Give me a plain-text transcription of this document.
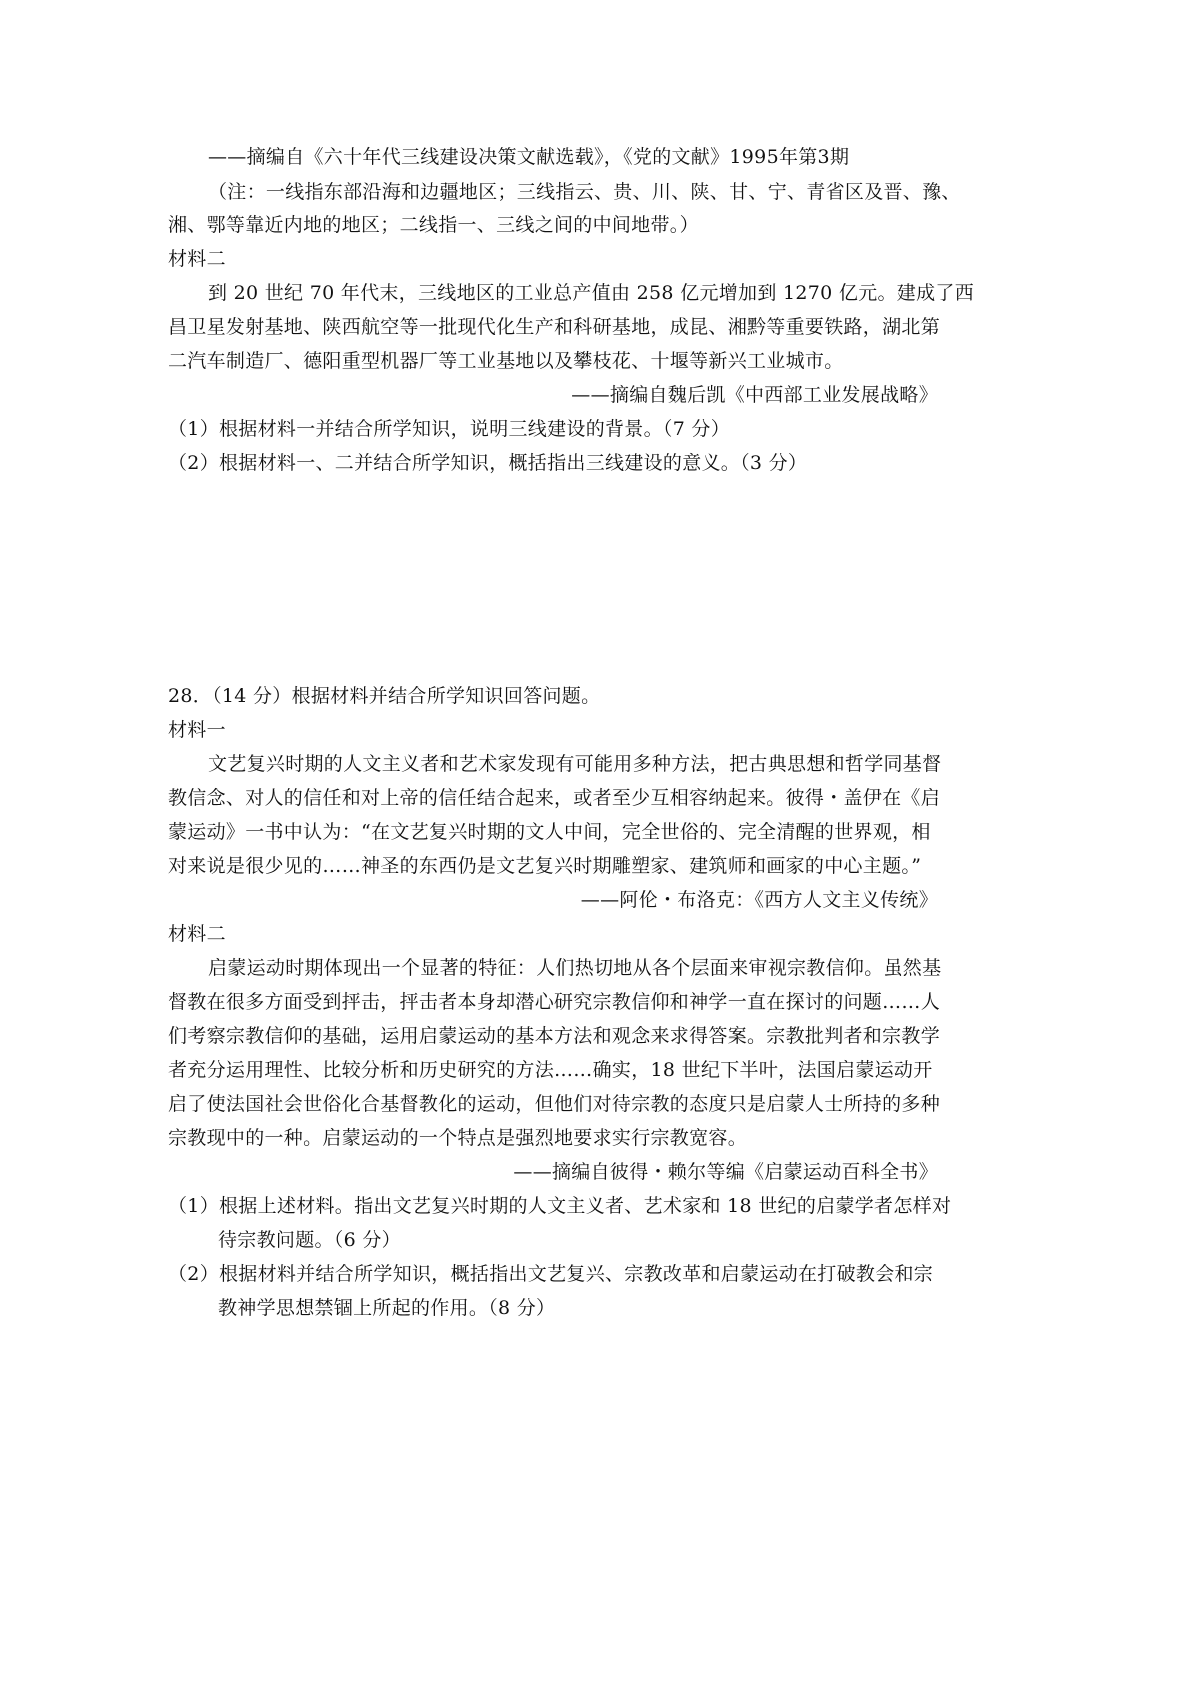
——摘编自《六十年代三线建设决策文献选载》，《党的文献》1995年第3期
（注：一线指东部沿海和边疆地区；三线指云、贵、川、陕、甘、宁、青省区及晋、豫、
湘、鄂等靠近内地的地区；二线指一、三线之间的中间地带。）
材料二
到 20 世纪 70 年代末，三线地区的工业总产值由 258 亿元增加到 1270 亿元。建成了西
昌卫星发射基地、陕西航空等一批现代化生产和科研基地，成昆、湘黔等重要铁路，湖北第
二汽车制造厂、德阳重型机器厂等工业基地以及攀枝花、十堰等新兴工业城市。
——摘编自魏后凯《中西部工业发展战略》
（1）根据材料一并结合所学知识，说明三线建设的背景。（7 分）
（2）根据材料一、二并结合所学知识，概括指出三线建设的意义。（3 分）
28．（14 分）根据材料并结合所学知识回答问题。
材料一
文艺复兴时期的人文主义者和艺术家发现有可能用多种方法，把古典思想和哲学同基督
教信念、对人的信任和对上帝的信任结合起来，或者至少互相容纳起来。彼得・盖伊在《启
蒙运动》一书中认为：“在文艺复兴时期的文人中间，完全世俗的、完全清醒的世界观，相
对来说是很少见的……神圣的东西仍是文艺复兴时期雕塑家、建筑师和画家的中心主题。”
——阿伦・布洛克：《西方人文主义传统》
材料二
启蒙运动时期体现出一个显著的特征：人们热切地从各个层面来审视宗教信仰。虽然基
督教在很多方面受到抨击，抨击者本身却潜心研究宗教信仰和神学一直在探讨的问题……人
们考察宗教信仰的基础，运用启蒙运动的基本方法和观念来求得答案。宗教批判者和宗教学
者充分运用理性、比较分析和历史研究的方法……确实，18 世纪下半叶，法国启蒙运动开
启了使法国社会世俗化合基督教化的运动，但他们对待宗教的态度只是启蒙人士所持的多种
宗教现中的一种。启蒙运动的一个特点是强烈地要求实行宗教宽容。
——摘编自彼得・赖尔等编《启蒙运动百科全书》
（1）根据上述材料。指出文艺复兴时期的人文主义者、艺术家和 18 世纪的启蒙学者怎样对
待宗教问题。（6 分）
（2）根据材料并结合所学知识，概括指出文艺复兴、宗教改革和启蒙运动在打破教会和宗
教神学思想禁锢上所起的作用。（8 分）
